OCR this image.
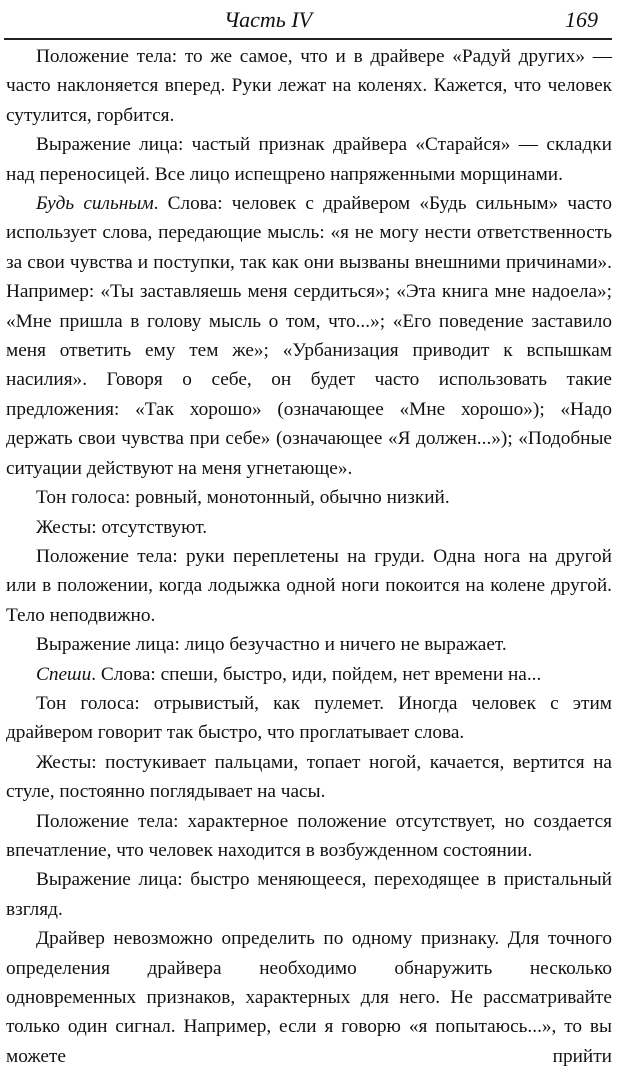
Часть IV	169

Положение тела: то же самое, что и в драйвере «Радуй других» — часто наклоняется вперед. Руки лежат на коленях. Кажется, что человек сутулится, горбится.

Выражение лица: частый признак драйвера «Старайся» — складки над переносицей. Все лицо испещрено напряженными морщинами.

Будь сильным. Слова: человек с драйвером «Будь сильным» часто использует слова, передающие мысль: «я не могу нести ответственность за свои чувства и поступки, так как они вызваны внешними причинами». Например: «Ты заставляешь меня сердиться»; «Эта книга мне надоела»; «Мне пришла в голову мысль о том, что...»; «Его поведение заставило меня ответить ему тем же»; «Урбанизация приводит к вспышкам насилия». Говоря о себе, он будет часто использовать такие предложения: «Так хорошо» (означающее «Мне хорошо»); «Надо держать свои чувства при себе» (означающее «Я должен...»); «Подобные ситуации действуют на меня угнетающе».

Тон голоса: ровный, монотонный, обычно низкий.

Жесты: отсутствуют.

Положение тела: руки переплетены на груди. Одна нога на другой или в положении, когда лодыжка одной ноги покоится на колене другой. Тело неподвижно.

Выражение лица: лицо безучастно и ничего не выражает.

Спеши. Слова: спеши, быстро, иди, пойдем, нет времени на...

Тон голоса: отрывистый, как пулемет. Иногда человек с этим драйвером говорит так быстро, что проглатывает слова.

Жесты: постукивает пальцами, топает ногой, качается, вертится на стуле, постоянно поглядывает на часы.

Положение тела: характерное положение отсутствует, но создается впечатление, что человек находится в возбужденном состоянии.

Выражение лица: быстро меняющееся, переходящее в пристальный взгляд.

Драйвер невозможно определить по одному признаку. Для точного определения драйвера необходимо обнаружить несколько одновременных признаков, характерных для него. Не рассматривайте только один сигнал. Например, если я говорю «я попытаюсь...», то вы можете прийти
